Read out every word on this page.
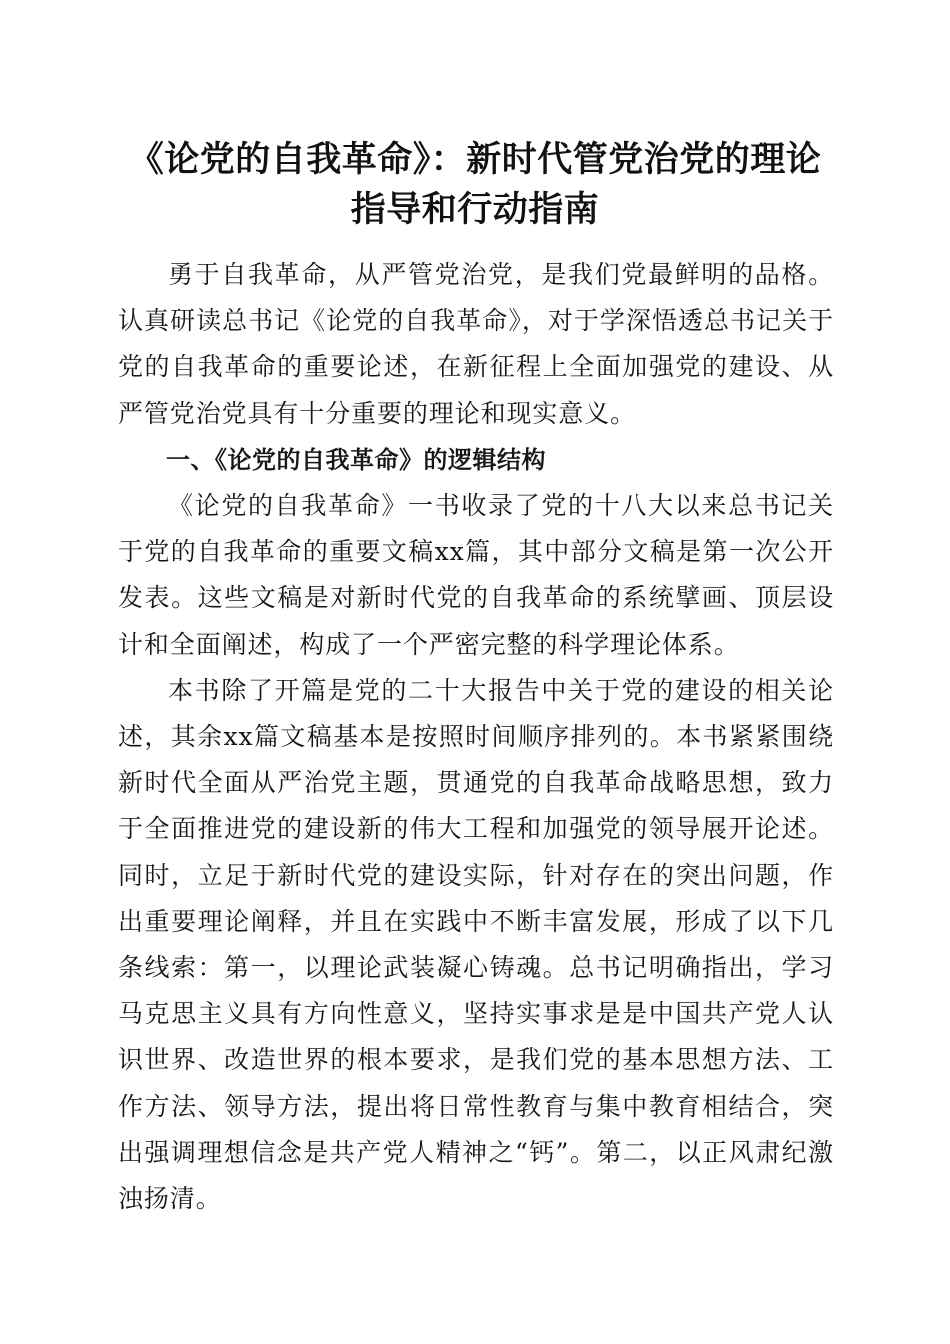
《论党的自我革命》：新时代管党治党的理论
指导和行动指南

勇于自我革命，从严管党治党，是我们党最鲜明的品格。认真研读总书记《论党的自我革命》，对于学深悟透总书记关于党的自我革命的重要论述，在新征程上全面加强党的建设、从严管党治党具有十分重要的理论和现实意义。

一、《论党的自我革命》的逻辑结构

《论党的自我革命》一书收录了党的十八大以来总书记关于党的自我革命的重要文稿xx篇，其中部分文稿是第一次公开发表。这些文稿是对新时代党的自我革命的系统擘画、顶层设计和全面阐述，构成了一个严密完整的科学理论体系。

本书除了开篇是党的二十大报告中关于党的建设的相关论述，其余xx篇文稿基本是按照时间顺序排列的。本书紧紧围绕新时代全面从严治党主题，贯通党的自我革命战略思想，致力于全面推进党的建设新的伟大工程和加强党的领导展开论述。同时，立足于新时代党的建设实际，针对存在的突出问题，作出重要理论阐释，并且在实践中不断丰富发展，形成了以下几条线索：第一，以理论武装凝心铸魂。总书记明确指出，学习马克思主义具有方向性意义，坚持实事求是是中国共产党人认识世界、改造世界的根本要求，是我们党的基本思想方法、工作方法、领导方法，提出将日常性教育与集中教育相结合，突出强调理想信念是共产党人精神之“钙”。第二，以正风肃纪激浊扬清。
